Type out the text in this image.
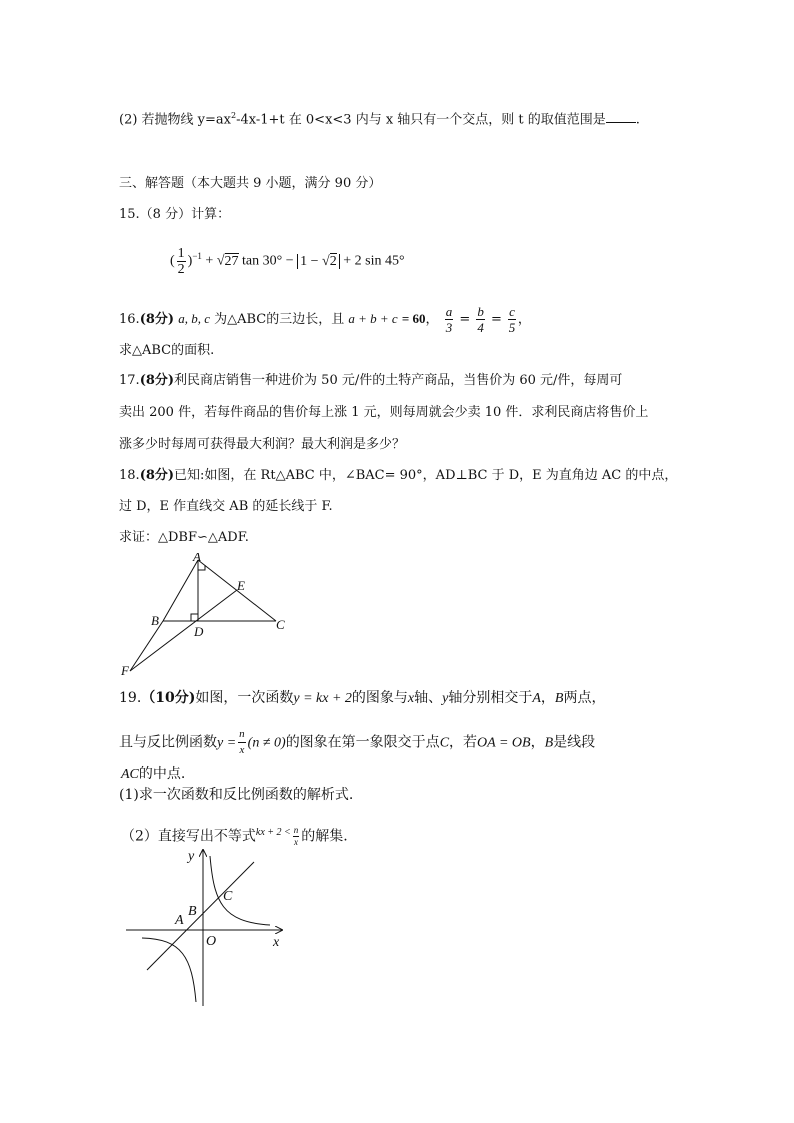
(2) 若抛物线 $y=ax^2-4x-1+t$ 在 0<x<3 内与 x 轴只有一个交点，则 t 的取值范围是 .
三、解答题（本大题共 9 小题，满分 90 分）
15.（8 分）计算：
( $\frac{1}{2} )^{-1} + √27$ tan 30° − 1 − √2 + 2 sin 45°
16.(8分) a, b, c 为△ABC的三边长，且 a + b + c = 60， $\frac{a}{3} = \frac{b}{4} = \frac{c}{5}$ ，
求△ABC的面积.
17.(8分)利民商店销售一种进价为 50 元/件的土特产商品，当售价为 60 元/件，每周可
卖出 200 件，若每件商品的售价每上涨 1 元，则每周就会少卖 10 件．求利民商店将售价上
涨多少时每周可获得最大利润？最大利润是多少？
18.(8分)已知:如图，在 Rt△ABC 中，∠BAC= 90°，AD⊥BC 于 D，E 为直角边 AC 的中点，
过 D，E 作直线交 AB 的延长线于 F.
求证：△DBF∽△ADF.
A
B	C
D
E
F
19.（10分)如图，一次函数y = kx + 2的图象与x轴、y轴分别相交于A，B两点，
且与反比例函数$y = \frac{n}{x} (n \ne 0)$的图象在第一象限交于点C，若OA = OB，B是线段
AC的中点.
(1)求一次函数和反比例函数的解析式.
（2）直接写出不等式$^{kx + 2 <} \frac{n}{x}$ 的解集.
y
x
O
A
B
C
